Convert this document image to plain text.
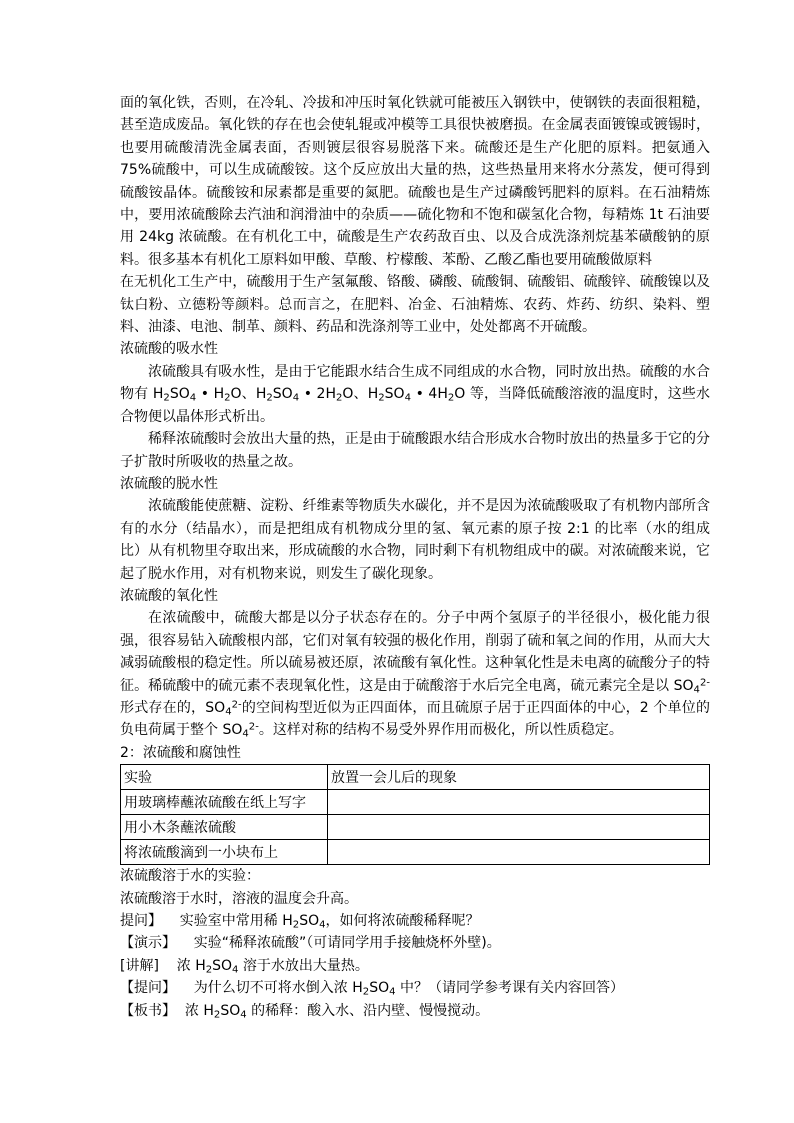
面的氧化铁，否则，在冷轧、冷拔和冲压时氧化铁就可能被压入钢铁中，使钢铁的表面很粗糙，甚至造成废品。氧化铁的存在也会使轧辊或冲模等工具很快被磨损。在金属表面镀镍或镀锡时，也要用硫酸清洗金属表面，否则镀层很容易脱落下来。硫酸还是生产化肥的原料。把氨通入 75%硫酸中，可以生成硫酸铵。这个反应放出大量的热，这些热量用来将水分蒸发，便可得到硫酸铵晶体。硫酸铵和尿素都是重要的氮肥。硫酸也是生产过磷酸钙肥料的原料。在石油精炼中，要用浓硫酸除去汽油和润滑油中的杂质——硫化物和不饱和碳氢化合物，每精炼 1t 石油要用 24kg 浓硫酸。在有机化工中，硫酸是生产农药敌百虫、以及合成洗涤剂烷基苯磺酸钠的原料。很多基本有机化工原料如甲酸、草酸、柠檬酸、苯酚、乙酸乙酯也要用硫酸做原料

在无机化工生产中，硫酸用于生产氢氟酸、铬酸、磷酸、硫酸铜、硫酸铝、硫酸锌、硫酸镍以及钛白粉、立德粉等颜料。总而言之，在肥料、冶金、石油精炼、农药、炸药、纺织、染料、塑料、油漆、电池、制革、颜料、药品和洗涤剂等工业中，处处都离不开硫酸。

浓硫酸的吸水性

浓硫酸具有吸水性，是由于它能跟水结合生成不同组成的水合物，同时放出热。硫酸的水合物有 $H_2SO_4$ • $H_2O$、$H_2SO_4$ • $2H_2O$、$H_2SO_4$ • $4H_2O$ 等，当降低硫酸溶液的温度时，这些水合物便以晶体形式析出。

稀释浓硫酸时会放出大量的热，正是由于硫酸跟水结合形成水合物时放出的热量多于它的分子扩散时所吸收的热量之故。

浓硫酸的脱水性

浓硫酸能使蔗糖、淀粉、纤维素等物质失水碳化，并不是因为浓硫酸吸取了有机物内部所含有的水分（结晶水），而是把组成有机物成分里的氢、氧元素的原子按 2:1 的比率（水的组成比）从有机物里夺取出来，形成硫酸的水合物，同时剩下有机物组成中的碳。对浓硫酸来说，它起了脱水作用，对有机物来说，则发生了碳化现象。

浓硫酸的氧化性

在浓硫酸中，硫酸大都是以分子状态存在的。分子中两个氢原子的半径很小，极化能力很强，很容易钻入硫酸根内部，它们对氧有较强的极化作用，削弱了硫和氧之间的作用，从而大大减弱硫酸根的稳定性。所以硫易被还原，浓硫酸有氧化性。这种氧化性是未电离的硫酸分子的特征。稀硫酸中的硫元素不表现氧化性，这是由于硫酸溶于水后完全电离，硫元素完全是以 $SO_4^{2-}$形式存在的，$SO_4^{2-}$的空间构型近似为正四面体，而且硫原子居于正四面体的中心，2 个单位的负电荷属于整个 $SO_4^{2-}$。这样对称的结构不易受外界作用而极化，所以性质稳定。

2：浓硫酸和腐蚀性

实验	放置一会儿后的现象
用玻璃棒蘸浓硫酸在纸上写字	
用小木条蘸浓硫酸	
将浓硫酸滴到一小块布上	

浓硫酸溶于水的实验：

浓硫酸溶于水时，溶液的温度会升高。

提问】    实验室中常用稀 $H_2SO_4$，如何将浓硫酸稀释呢？

【演示】    实验“稀释浓硫酸”（可请同学用手接触烧杯外壁)。

[讲解]    浓 $H_2SO_4$ 溶于水放出大量热。

【提问】    为什么切不可将水倒入浓 $H_2SO_4$ 中？（请同学参考课有关内容回答）

【板书】  浓 $H_2SO_4$ 的稀释：酸入水、沿内壁、慢慢搅动。
